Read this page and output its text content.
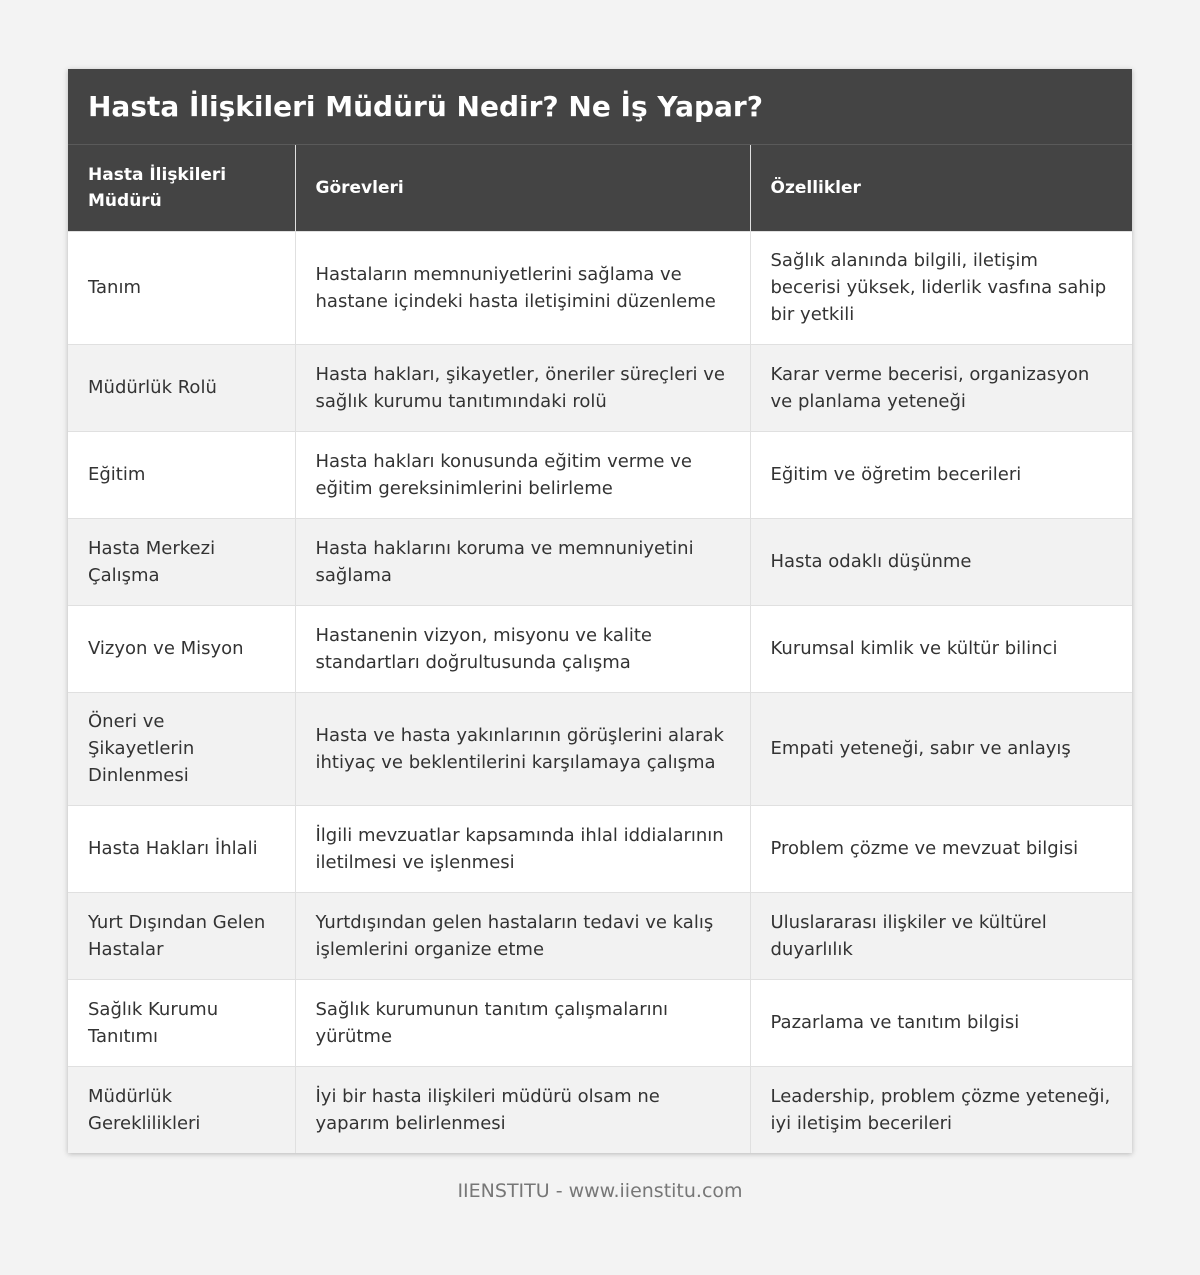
Hasta İlişkileri Müdürü Nedir? Ne İş Yapar?
Hasta İlişkileri Müdürü	Görevleri	Özellikler
Tanım	Hastaların memnuniyetlerini sağlama ve hastane içindeki hasta iletişimini düzenleme	Sağlık alanında bilgili, iletişim becerisi yüksek, liderlik vasfına sahip bir yetkili
Müdürlük Rolü	Hasta hakları, şikayetler, öneriler süreçleri ve sağlık kurumu tanıtımındaki rolü	Karar verme becerisi, organizasyon ve planlama yeteneği
Eğitim	Hasta hakları konusunda eğitim verme ve eğitim gereksinimlerini belirleme	Eğitim ve öğretim becerileri
Hasta Merkezi Çalışma	Hasta haklarını koruma ve memnuniyetini sağlama	Hasta odaklı düşünme
Vizyon ve Misyon	Hastanenin vizyon, misyonu ve kalite standartları doğrultusunda çalışma	Kurumsal kimlik ve kültür bilinci
Öneri ve Şikayetlerin Dinlenmesi	Hasta ve hasta yakınlarının görüşlerini alarak ihtiyaç ve beklentilerini karşılamaya çalışma	Empati yeteneği, sabır ve anlayış
Hasta Hakları İhlali	İlgili mevzuatlar kapsamında ihlal iddialarının iletilmesi ve işlenmesi	Problem çözme ve mevzuat bilgisi
Yurt Dışından Gelen Hastalar	Yurtdışından gelen hastaların tedavi ve kalış işlemlerini organize etme	Uluslararası ilişkiler ve kültürel duyarlılık
Sağlık Kurumu Tanıtımı	Sağlık kurumunun tanıtım çalışmalarını yürütme	Pazarlama ve tanıtım bilgisi
Müdürlük Gereklilikleri	İyi bir hasta ilişkileri müdürü olsam ne yaparım belirlenmesi	Leadership, problem çözme yeteneği, iyi iletişim becerileri
IIENSTITU - www.iienstitu.com
